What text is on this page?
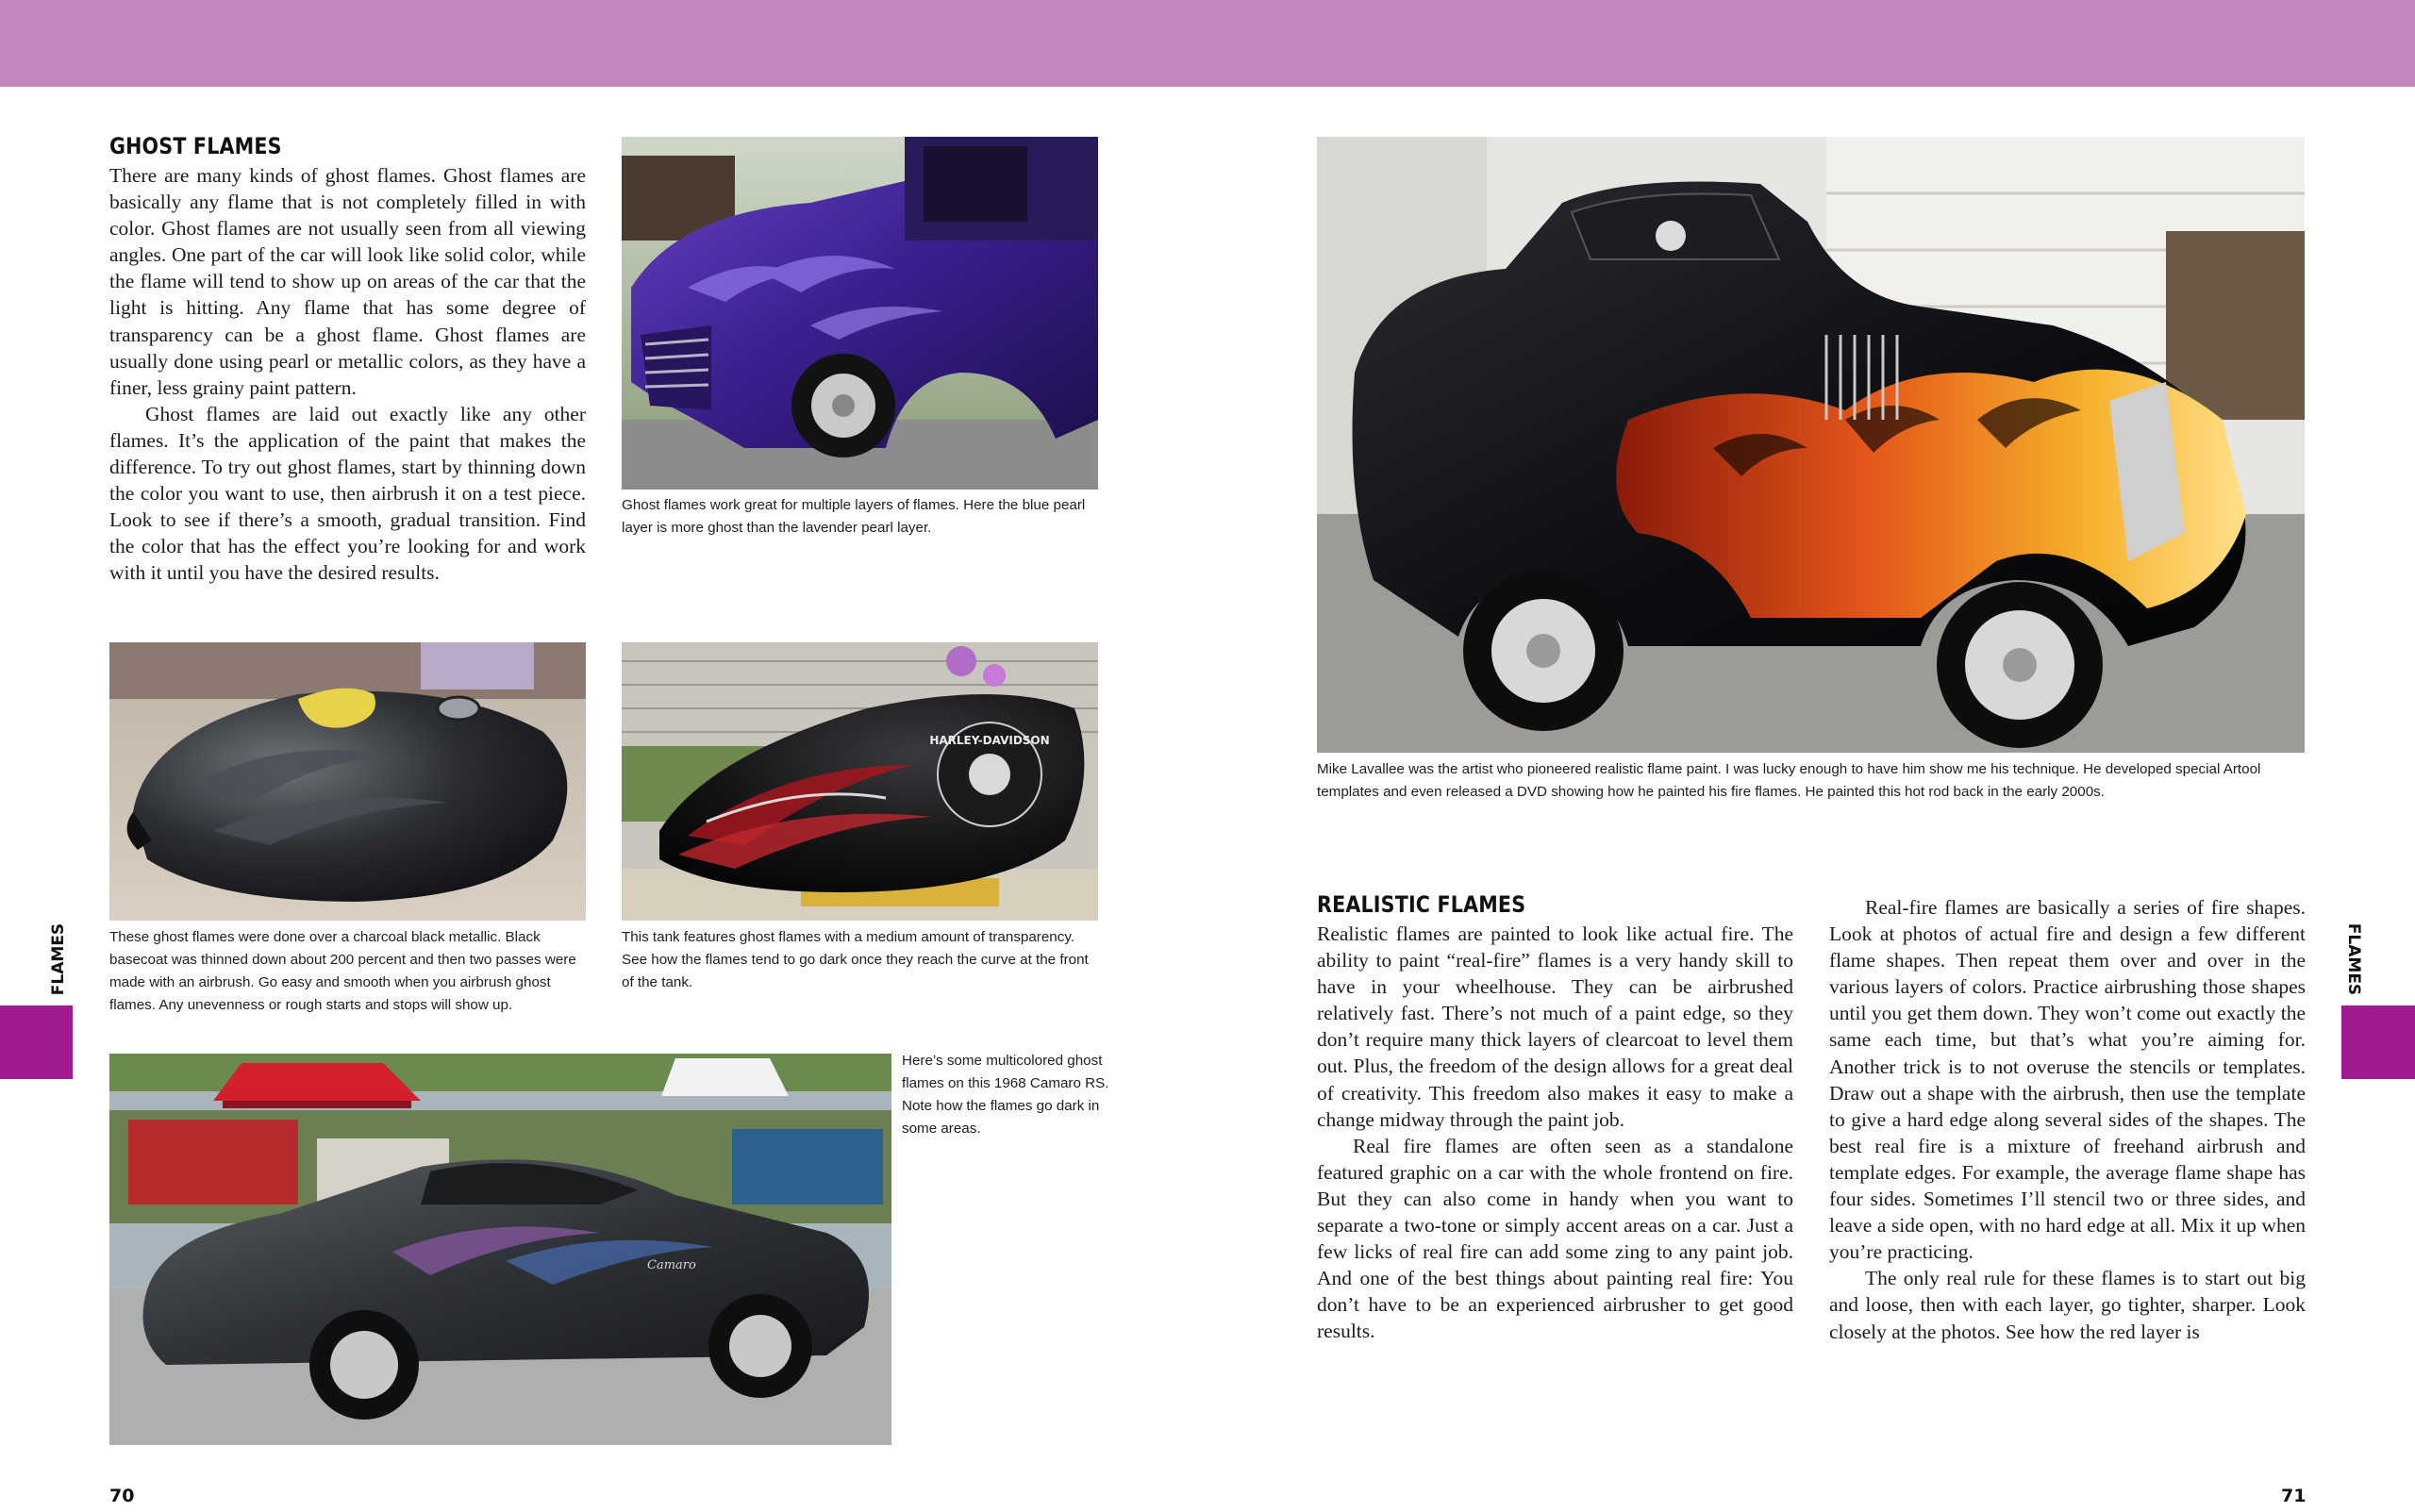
GHOST FLAMES

There are many kinds of ghost flames. Ghost flames are basically any flame that is not completely filled in with color. Ghost flames are not usually seen from all viewing angles. One part of the car will look like solid color, while the flame will tend to show up on areas of the car that the light is hitting. Any flame that has some degree of transparency can be a ghost flame. Ghost flames are usually done using pearl or metallic colors, as they have a finer, less grainy paint pattern.

Ghost flames are laid out exactly like any other flames. It’s the application of the paint that makes the difference. To try out ghost flames, start by thinning down the color you want to use, then airbrush it on a test piece. Look to see if there’s a smooth, gradual transition. Find the color that has the effect you’re looking for and work with it until you have the desired results.

Ghost flames work great for multiple layers of flames. Here the blue pearl layer is more ghost than the lavender pearl layer.
These ghost flames were done over a charcoal black metallic. Black basecoat was thinned down about 200 percent and then two passes were made with an airbrush. Go easy and smooth when you airbrush ghost flames. Any unevenness or rough starts and stops will show up.
HARLEY-DAVIDSON
This tank features ghost flames with a medium amount of transparency. See how the flames tend to go dark once they reach the curve at the front of the tank.
Camaro
Here’s some multicolored ghost flames on this 1968 Camaro RS. Note how the flames go dark in some areas.
70
FLAMES
Mike Lavallee was the artist who pioneered realistic flame paint. I was lucky enough to have him show me his technique. He developed special Artool templates and even released a DVD showing how he painted his fire flames. He painted this hot rod back in the early 2000s.
REALISTIC FLAMES

Realistic flames are painted to look like actual fire. The ability to paint “real-fire” flames is a very handy skill to have in your wheelhouse. They can be airbrushed relatively fast. There’s not much of a paint edge, so they don’t require many thick layers of clearcoat to level them out. Plus, the freedom of the design allows for a great deal of creativity. This freedom also makes it easy to make a change midway through the paint job.

Real fire flames are often seen as a standalone featured graphic on a car with the whole frontend on fire. But they can also come in handy when you want to separate a two-tone or simply accent areas on a car. Just a few licks of real fire can add some zing to any paint job. And one of the best things about painting real fire: You don’t have to be an experienced airbrusher to get good results.

Real-fire flames are basically a series of fire shapes. Look at photos of actual fire and design a few different flame shapes. Then repeat them over and over in the various layers of colors. Practice airbrushing those shapes until you get them down. They won’t come out exactly the same each time, but that’s what you’re aiming for. Another trick is to not overuse the stencils or templates. Draw out a shape with the airbrush, then use the template to give a hard edge along several sides of the shapes. The best real fire is a mixture of freehand airbrush and template edges. For example, the average flame shape has four sides. Sometimes I’ll stencil two or three sides, and leave a side open, with no hard edge at all. Mix it up when you’re practicing.

The only real rule for these flames is to start out big and loose, then with each layer, go tighter, sharper. Look closely at the photos. See how the red layer is

71
FLAMES
